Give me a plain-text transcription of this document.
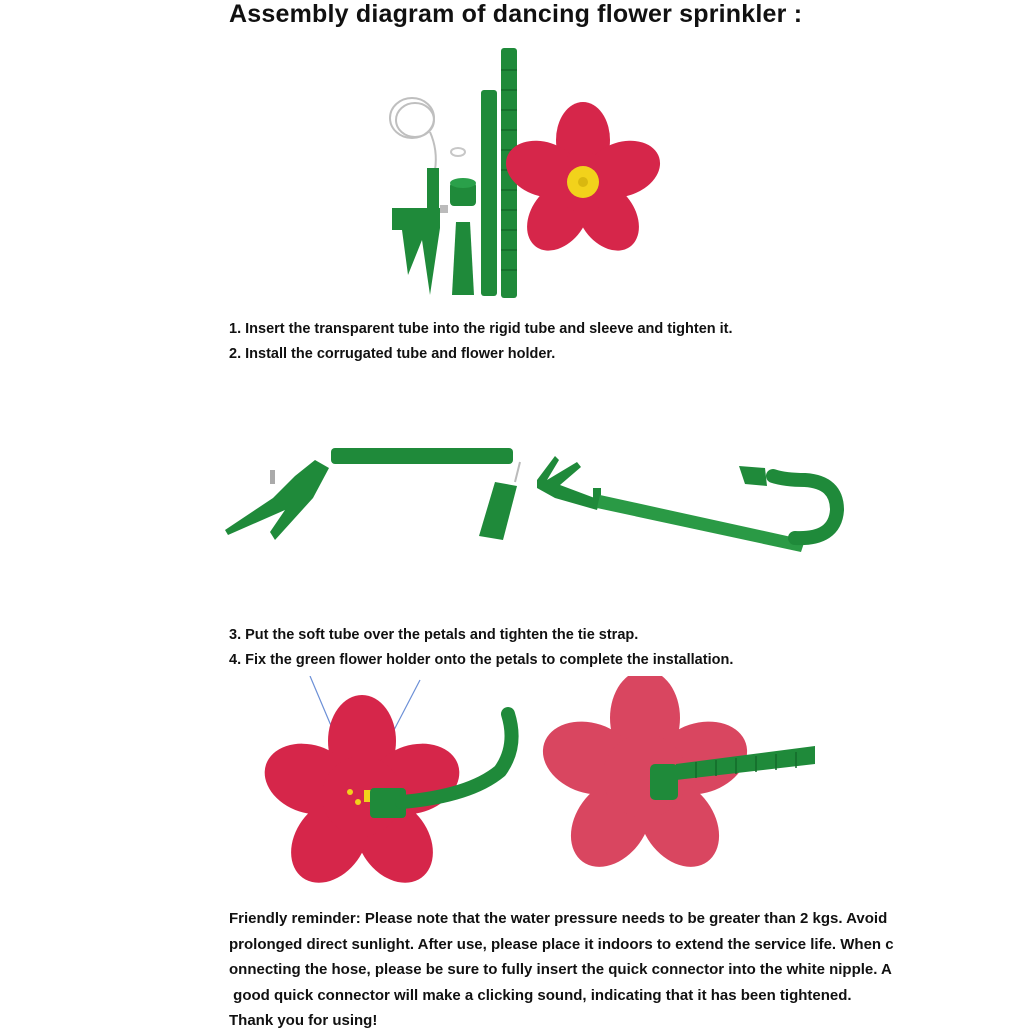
Assembly diagram of dancing flower sprinkler :
1. Insert the transparent tube into the rigid tube and sleeve and tighten it.
2. Install the corrugated tube and flower holder.
3. Put the soft tube over the petals and tighten the tie strap.
4. Fix the green flower holder onto the petals to complete the installation.
Friendly reminder: Please note that the water pressure needs to be greater than 2 kgs. Avoid
prolonged direct sunlight. After use, please place it indoors to extend the service life. When c
onnecting the hose, please be sure to fully insert the quick connector into the white nipple. A
good quick connector will make a clicking sound, indicating that it has been tightened.
Thank you for using!
